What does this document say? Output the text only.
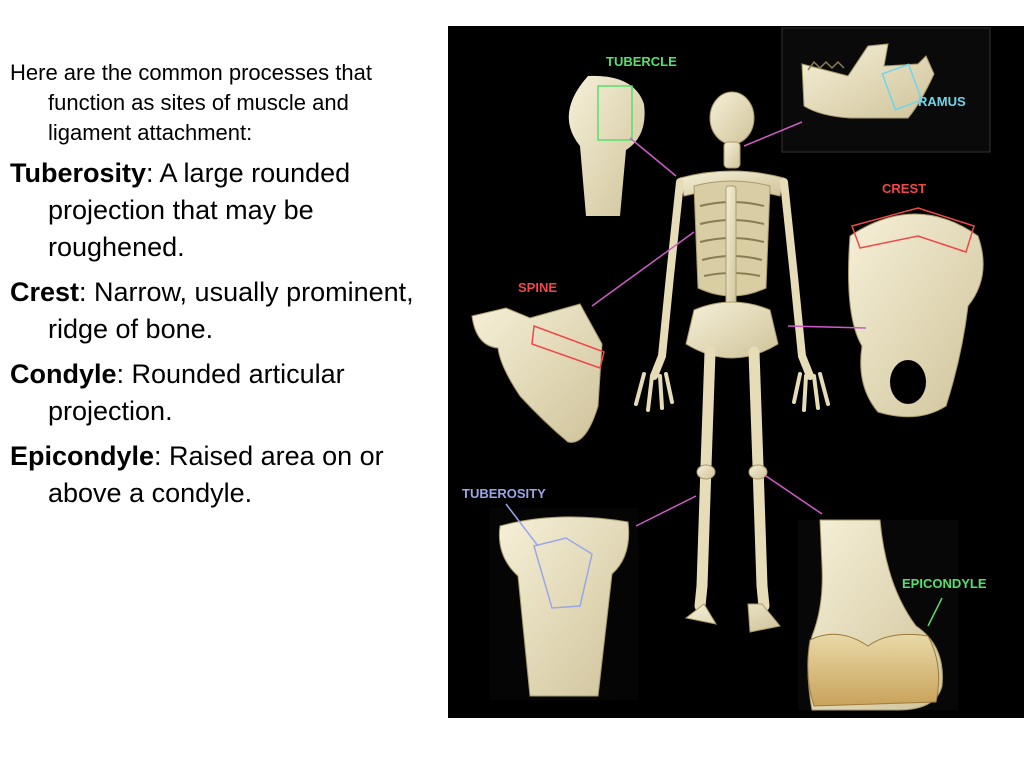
Here are the common processes that function as sites of muscle and ligament attachment:

Tuberosity: A large rounded projection that may be roughened.

Crest: Narrow, usually prominent, ridge of bone.

Condyle: Rounded articular projection.

Epicondyle: Raised area on or above a condyle.

TUBERCLE
RAMUS
CREST
SPINE
TUBEROSITY
EPICONDYLE
